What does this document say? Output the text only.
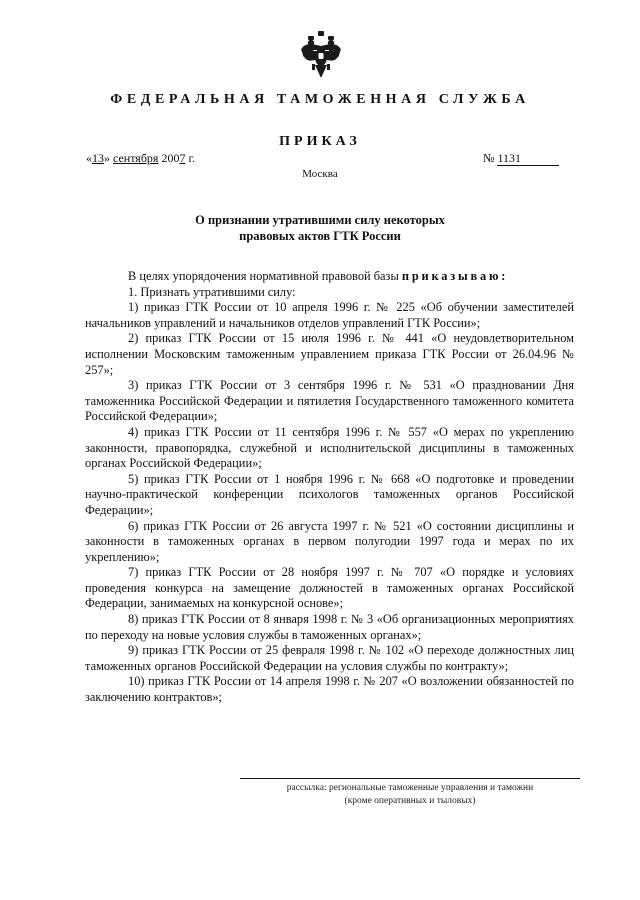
ФЕДЕРАЛЬНАЯ ТАМОЖЕННАЯ СЛУЖБА
ПРИКАЗ
«13» сентября 2007 г.	№ 1131
Москва
О признании утратившими силу некоторых
правовых актов ГТК России

В целях упорядочения нормативной правовой базы приказываю:

1. Признать утратившими силу:

1) приказ ГТК России от 10 апреля 1996 г. № 225 «Об обучении заместителей начальников управлений и начальников отделов управлений ГТК России»;

2) приказ ГТК России от 15 июля 1996 г. № 441 «О неудовлетворительном исполнении Московским таможенным управлением приказа ГТК России от 26.04.96 № 257»;

3) приказ ГТК России от 3 сентября 1996 г. № 531 «О праздновании Дня таможенника Российской Федерации и пятилетия Государственного таможенного комитета Российской Федерации»;

4) приказ ГТК России от 11 сентября 1996 г. № 557 «О мерах по укреплению законности, правопорядка, служебной и исполнительской дисциплины в таможенных органах Российской Федерации»;

5) приказ ГТК России от 1 ноября 1996 г. № 668 «О подготовке и проведении научно-практической конференции психологов таможенных органов Российской Федерации»;

6) приказ ГТК России от 26 августа 1997 г. № 521 «О состоянии дисциплины и законности в таможенных органах в первом полугодии 1997 года и мерах по их укреплению»;

7) приказ ГТК России от 28 ноября 1997 г. № 707 «О порядке и условиях проведения конкурса на замещение должностей в таможенных органах Российской Федерации, занимаемых на конкурсной основе»;

8) приказ ГТК России от 8 января 1998 г. № 3 «Об организационных мероприятиях по переходу на новые условия службы в таможенных органах»;

9) приказ ГТК России от 25 февраля 1998 г. № 102 «О переходе должностных лиц таможенных органов Российской Федерации на условия службы по контракту»;

10) приказ ГТК России от 14 апреля 1998 г. № 207 «О возложении обязанностей по заключению контрактов»;

рассылка: региональные таможенные управления и таможни
(кроме оперативных и тыловых)
